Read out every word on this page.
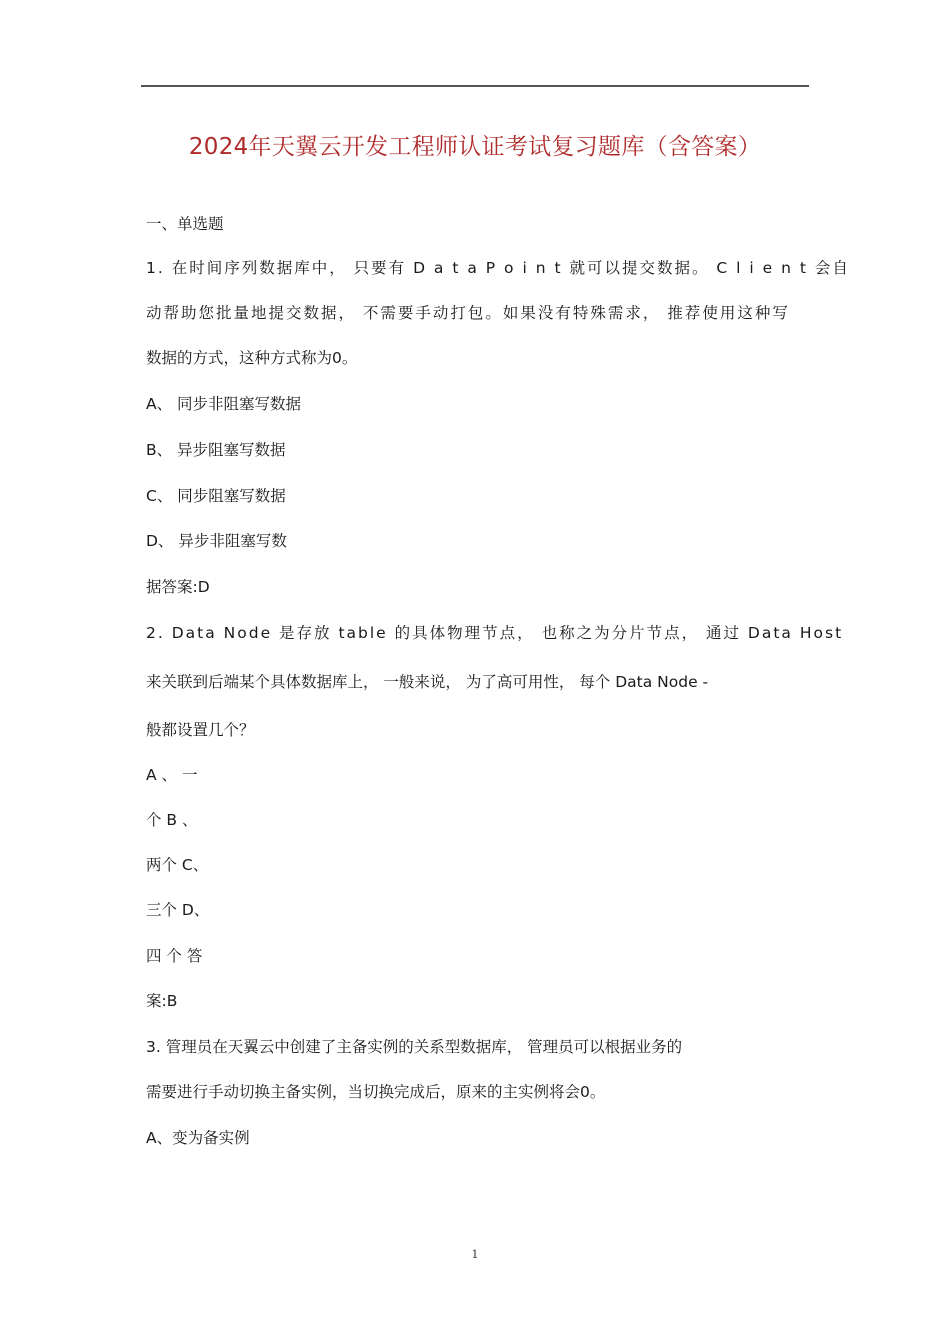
2024年天翼云开发工程师认证考试复习题库（含答案）
一、单选题
1. 在时间序列数据库中， 只要有 D a t a P o i n t 就可以提交数据。 C l i e n t 会自
动帮助您批量地提交数据， 不需要手动打包。如果没有特殊需求， 推荐使用这种写
数据的方式，这种方式称为0。
A、 同步非阻塞写数据
B、 异步阻塞写数据
C、 同步阻塞写数据
D、 异步非阻塞写数
据答案:D
2. Data Node 是存放 table 的具体物理节点， 也称之为分片节点， 通过 Data Host
来关联到后端某个具体数据库上， 一般来说， 为了高可用性， 每个 Data Node -
般都设置几个？
A 、 一
个 B 、
两个 C、
三个 D、
四 个 答
案:B
3. 管理员在天翼云中创建了主备实例的关系型数据库， 管理员可以根据业务的
需要进行手动切换主备实例，当切换完成后，原来的主实例将会0。
A、变为备实例
1
